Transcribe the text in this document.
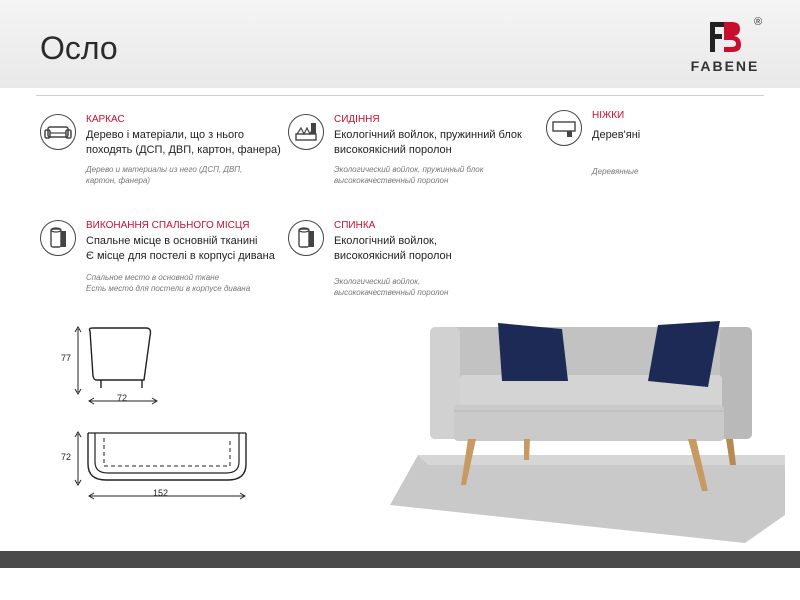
Осло
®
FABENE
КАРКАС
Дерево і матеріали, що з нього
походять (ДСП, ДВП, картон, фанера)
Дерево и материалы из него (ДСП, ДВП,
картон, фанера)
СИДІННЯ
Екологічний войлок, пружинний блок
високоякісний поролон
Экологический войлок, пружинный блок
высококачественный поролон
НІЖКИ
Дерев'яні
Деревянные
ВИКОНАННЯ СПАЛЬНОГО МІСЦЯ
Спальне місце в основній тканині
Є місце для постелі в корпусі дивана
Спальное место в основной ткане
Есть место для постели в корпусе дивана
СПИНКА
Екологічний войлок,
високоякісний поролон
Экологический войлок,
высококачественный поролон
77
72
72
152
